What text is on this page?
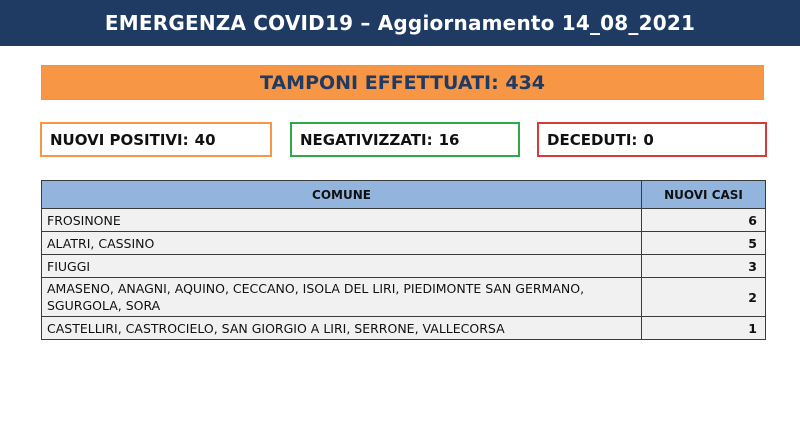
EMERGENZA COVID19 – Aggiornamento 14_08_2021
TAMPONI EFFETTUATI:
434
NUOVI POSITIVI: 40	NEGATIVIZZATI: 16	DECEDUTI: 0
COMUNE	NUOVI CASI
FROSINONE	6
ALATRI, CASSINO	5
FIUGGI	3
AMASENO, ANAGNI, AQUINO, CECCANO, ISOLA DEL LIRI, PIEDIMONTE SAN GERMANO, SGURGOLA, SORA	2
CASTELLIRI, CASTROCIELO, SAN GIORGIO A LIRI, SERRONE, VALLECORSA	1
